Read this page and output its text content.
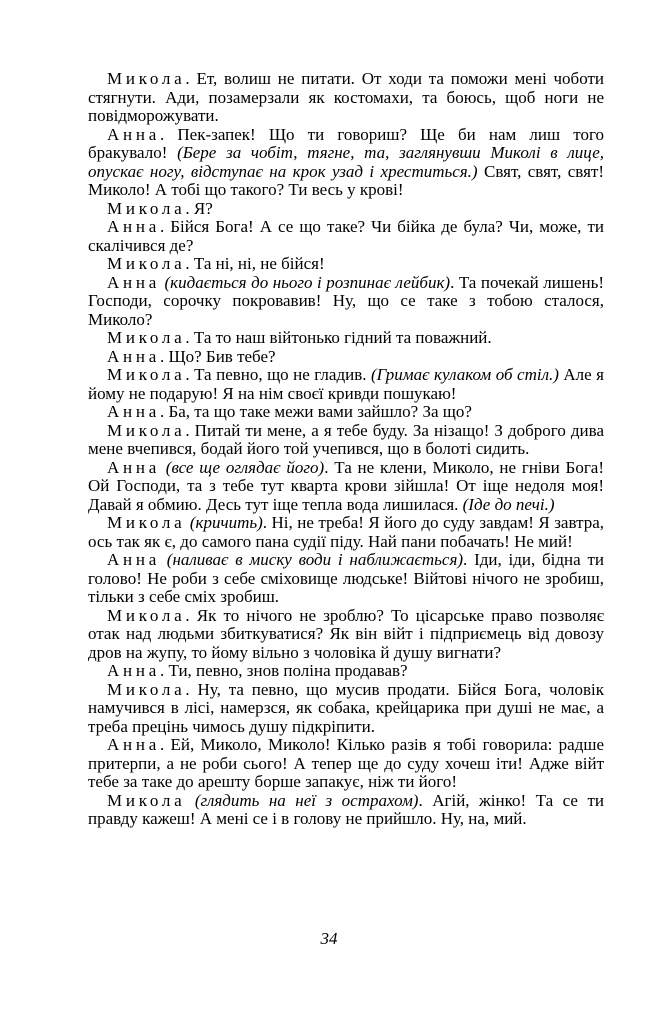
Микола. Ет, волиш не питати. От ходи та поможи мені чоботи стягнути. Ади, позамерзали як костомахи, та боюсь, щоб ноги не повідморожувати.

Анна. Пек-запек! Що ти говориш? Ще би нам лиш того бракувало! (Бере за чобіт, тягне, та, заглянувши Миколі в лице, опускає ногу, відступає на крок узад і хреститься.) Свят, свят, свят! Миколо! А тобі що такого? Ти весь у крові!

Микола. Я?

Анна. Бійся Бога! А се що таке? Чи бійка де була? Чи, може, ти скалічився де?

Микола. Та ні, ні, не бійся!

Анна (кидається до нього і розпинає лейбик). Та почекай лишень! Господи, сорочку покровавив! Ну, що се таке з тобою сталося, Миколо?

Микола. Та то наш війтонько гідний та поважний.

Анна. Що? Бив тебе?

Микола. Та певно, що не гладив. (Гримає кулаком об стіл.) Але я йому не подарую! Я на нім своєї кривди пошукаю!

Анна. Ба, та що таке межи вами зайшло? За що?

Микола. Питай ти мене, а я тебе буду. За нізащо! З доброго дива мене вчепився, бодай його той учепився, що в болоті сидить.

Анна (все ще оглядає його). Та не клени, Миколо, не гніви Бога! Ой Господи, та з тебе тут кварта крови зійшла! От іще недоля моя! Давай я обмию. Десь тут іще тепла вода лишилася. (Іде до печі.)

Микола (кричить). Ні, не треба! Я його до суду завдам! Я завтра, ось так як є, до самого пана судії піду. Най пани побачать! Не мий!

Анна (наливає в миску води і наближається). Іди, іди, бідна ти голово! Не роби з себе сміховище людське! Війтові нічого не зробиш, тільки з себе сміх зробиш.

Микола. Як то нічого не зроблю? То цісарське право позволяє отак над людьми збиткуватися? Як він війт і підприємець від довозу дров на жупу, то йому вільно з чоловіка й душу вигнати?

Анна. Ти, певно, знов поліна продавав?

Микола. Ну, та певно, що мусив продати. Бійся Бога, чоловік намучився в лісі, намерзся, як собака, крейцарика при душі не має, а треба прецінь чимось душу підкріпити.

Анна. Ей, Миколо, Миколо! Кілько разів я тобі говорила: радше притерпи, а не роби сього! А тепер ще до суду хочеш іти! Адже війт тебе за таке до арешту борше запакує, ніж ти його!

Микола (глядить на неї з острахом). Агій, жінко! Та се ти правду кажеш! А мені се і в голову не прийшло. Ну, на, мий.

34
